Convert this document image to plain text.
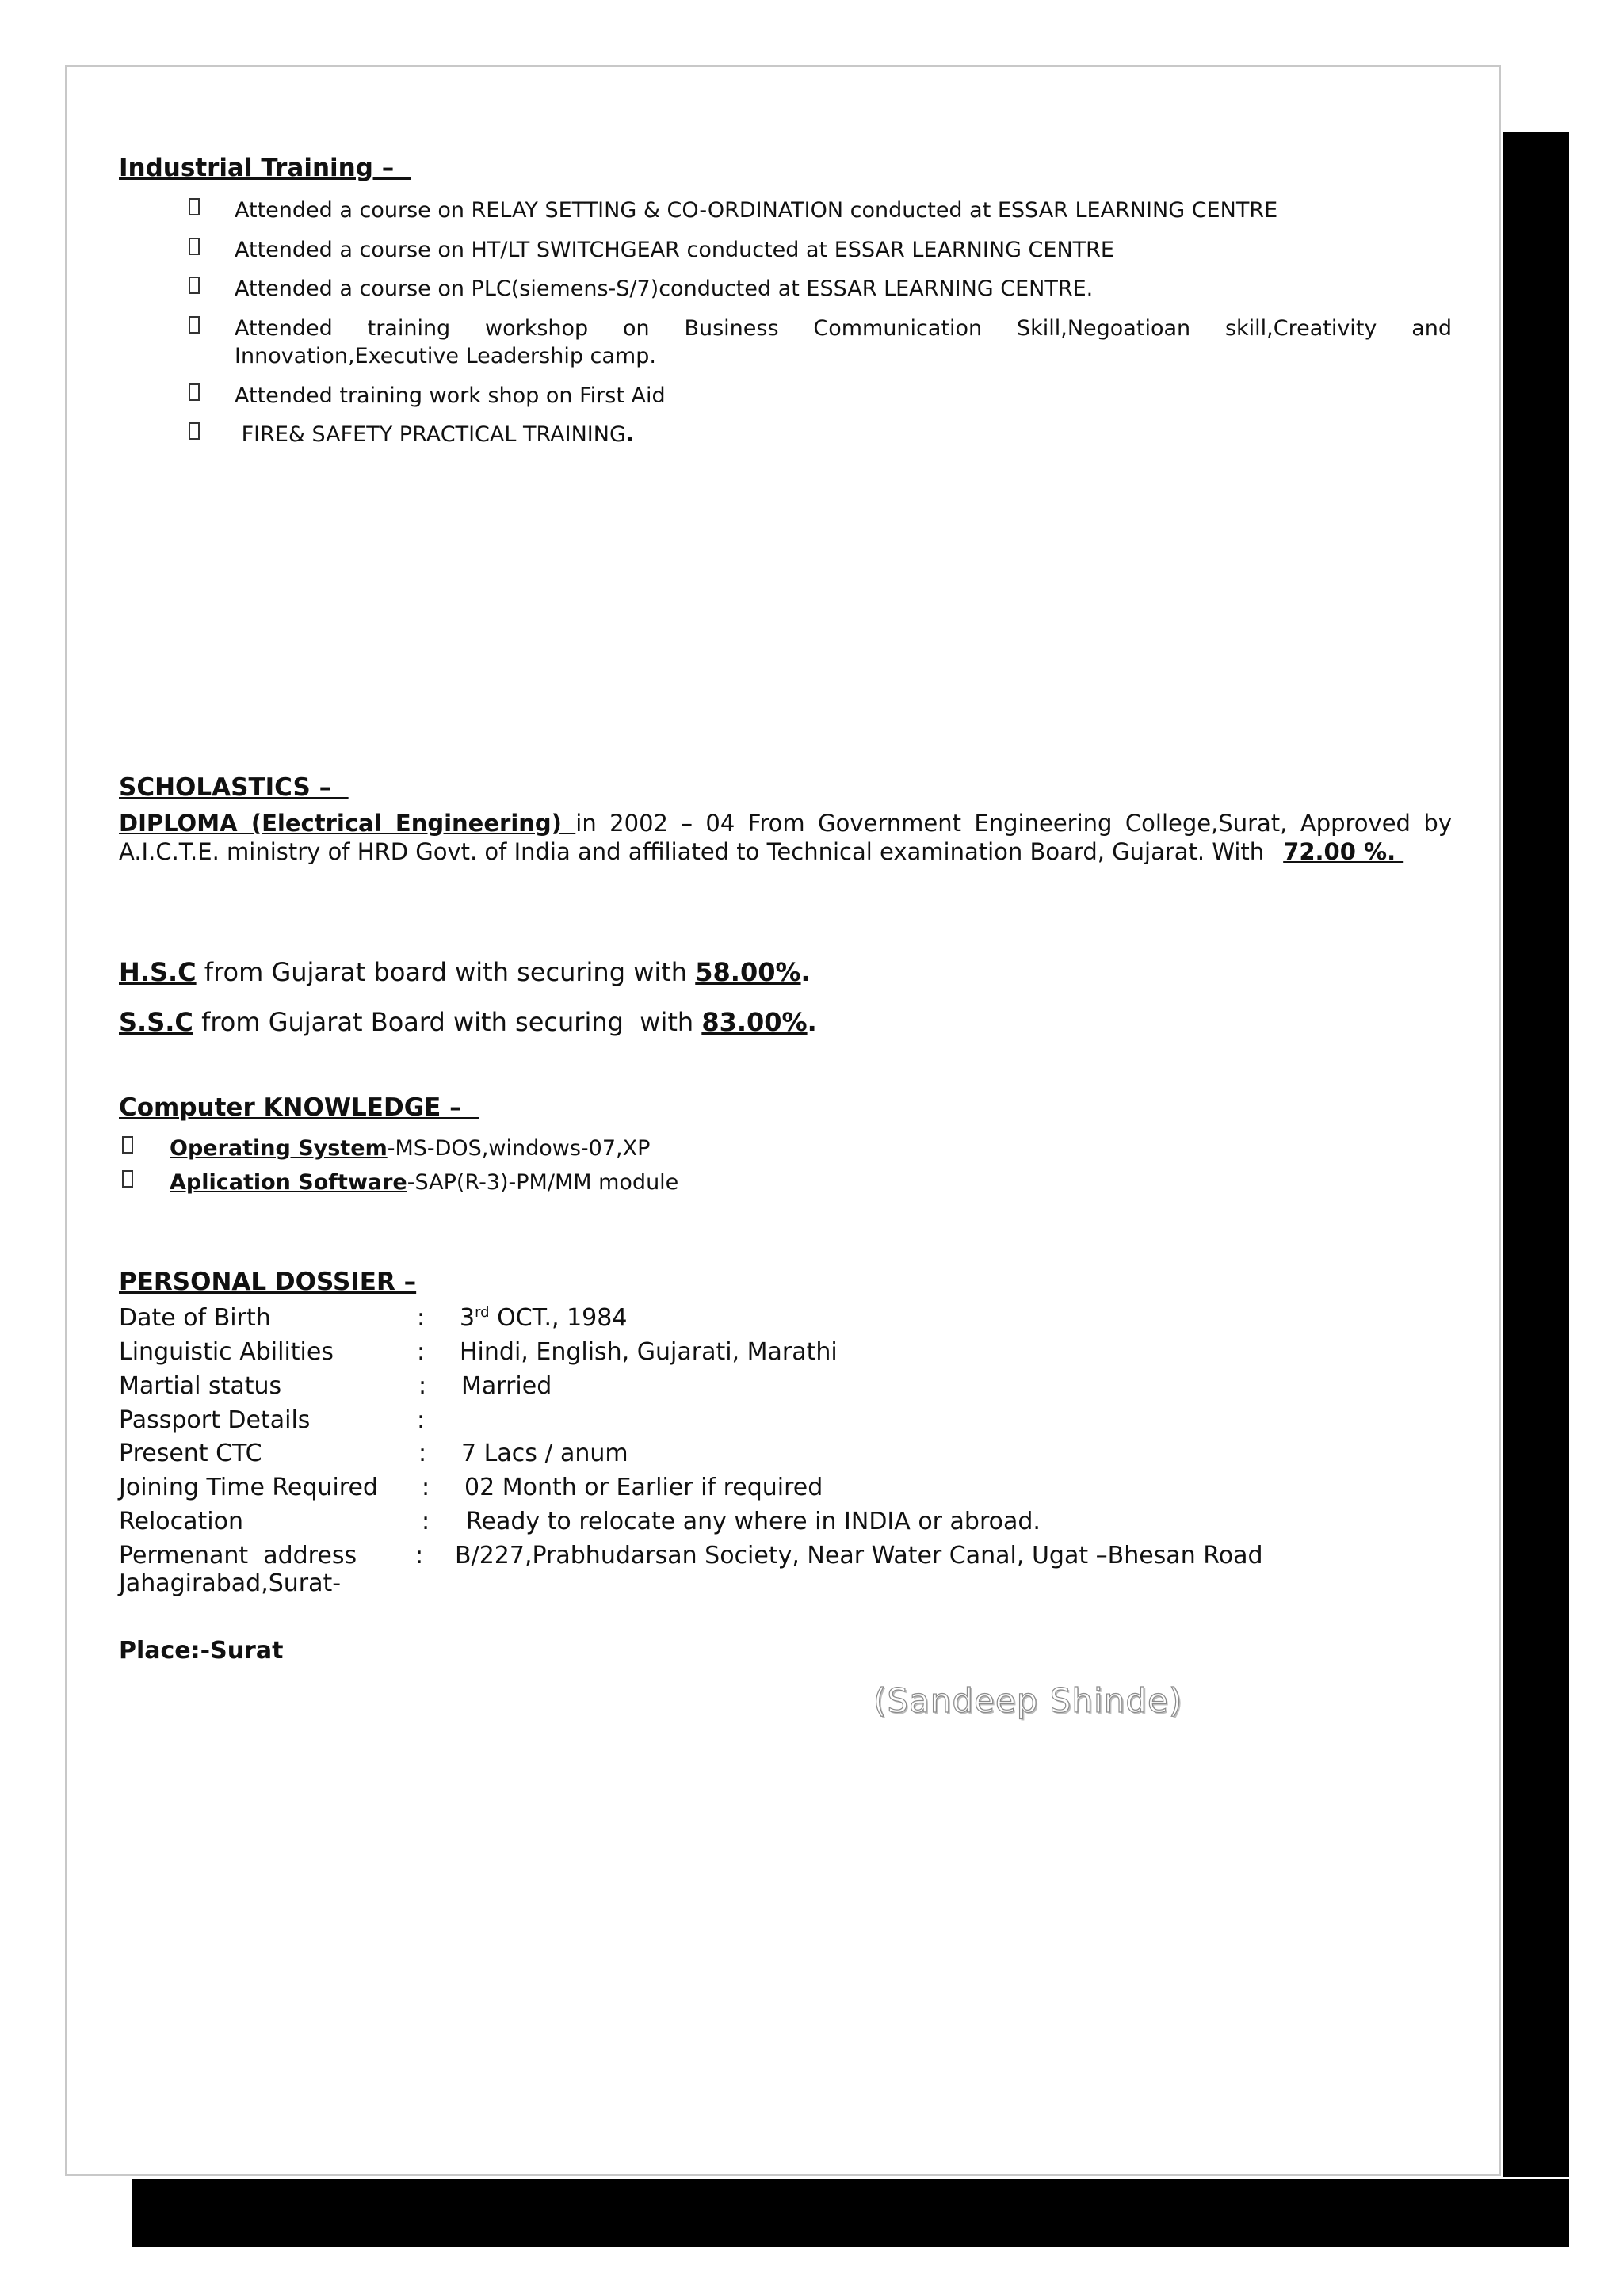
Industrial Training –
Attended a course on RELAY SETTING & CO-ORDINATION conducted at ESSAR LEARNING CENTRE
Attended a course on HT/LT SWITCHGEAR conducted at ESSAR LEARNING CENTRE
Attended a course on PLC(siemens-S/7)conducted at ESSAR LEARNING CENTRE.
Attended training workshop on Business Communication Skill,Negoatioan skill,Creativity and
Innovation,Executive Leadership camp.
Attended training work shop on First Aid
FIRE& SAFETY PRACTICAL TRAINING.
SCHOLASTICS –
DIPLOMA (Electrical Engineering) in 2002 – 04 From Government Engineering College,Surat, Approved by
A.I.C.T.E. ministry of HRD Govt. of India and affiliated to Technical examination Board, Gujarat. With 72.00 %.
H.S.C from Gujarat board with securing with 58.00%.
S.S.C from Gujarat Board with securing  with 83.00%.
Computer KNOWLEDGE –
Operating System-MS-DOS,windows-07,XP
Aplication Software-SAP(R-3)-PM/MM module
PERSONAL DOSSIER –
Date of Birth	: 3rd OCT., 1984
Linguistic Abilities	: Hindi, English, Gujarati, Marathi
Martial status	: Married
Passport Details	:
Present CTC	: 7 Lacs / anum
Joining Time Required : 02 Month or Earlier if required
Relocation	: Ready to relocate any where in INDIA or abroad.
Permenant  address : B/227,Prabhudarsan Society, Near Water Canal, Ugat –Bhesan Road
Jahagirabad,Surat-
Place:-Surat
(Sandeep Shinde)
